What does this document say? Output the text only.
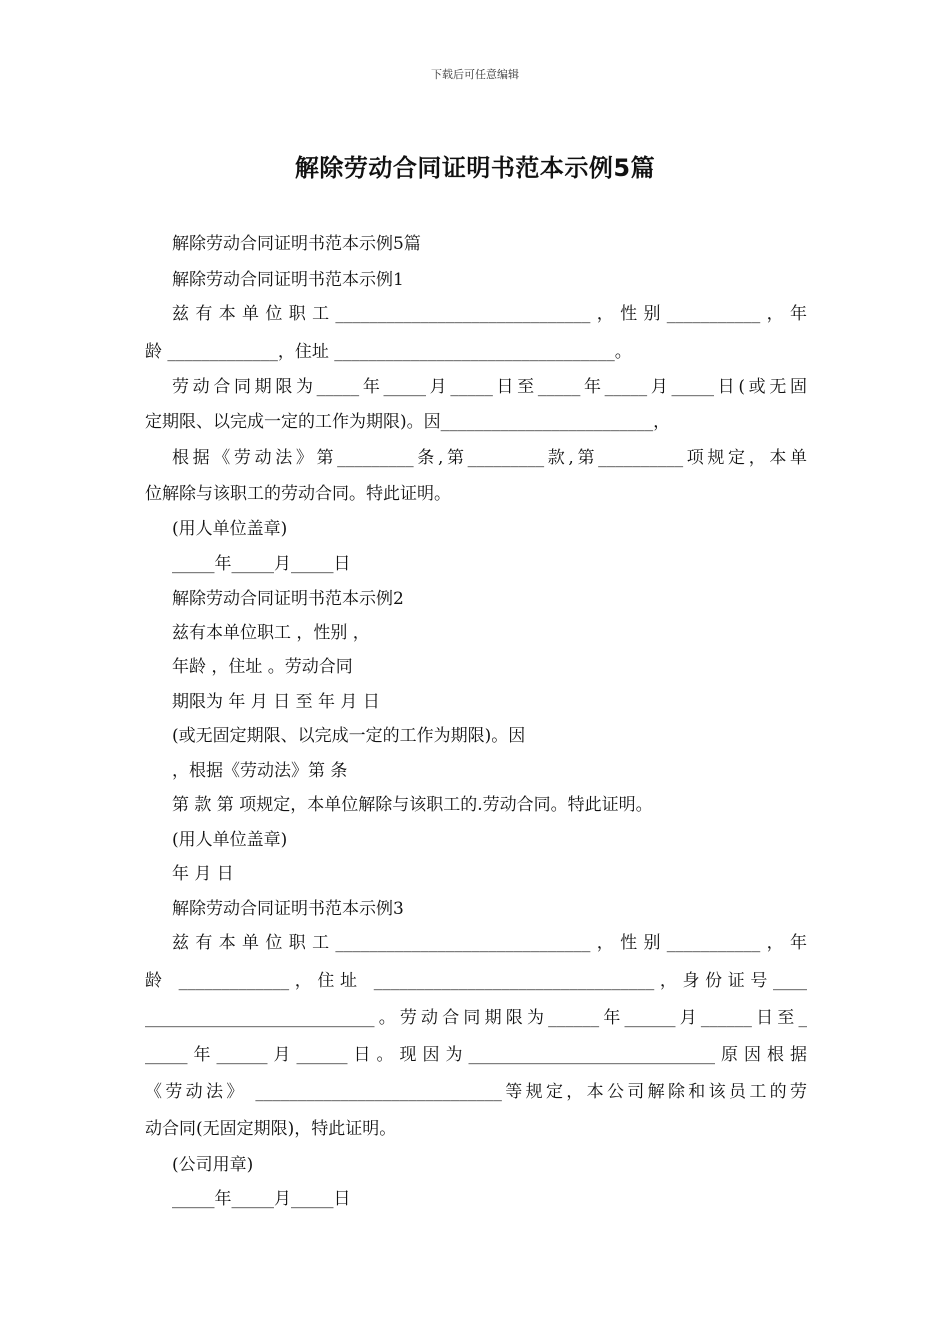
下载后可任意编辑
解除劳动合同证明书范本示例5篇
解除劳动合同证明书范本示例5篇
解除劳动合同证明书范本示例1
兹有本单位职工______________________________，性别___________，年
龄 _____________，住址 _________________________________。
劳动合同期限为_____年_____月_____日至_____年_____月_____日(或无固
定期限、以完成一定的工作为期限)。因_________________________，
根据《劳动法》第_________条,第_________款,第__________项规定，本单
位解除与该职工的劳动合同。特此证明。
(用人单位盖章)
_____年_____月_____日
解除劳动合同证明书范本示例2
兹有本单位职工 ，性别 ，
年龄 ，住址 。劳动合同
期限为 年 月 日 至 年 月 日
(或无固定期限、以完成一定的工作为期限)。因
，根据《劳动法》第 条
第 款 第 项规定，本单位解除与该职工的.劳动合同。特此证明。
(用人单位盖章)
年 月 日
解除劳动合同证明书范本示例3
兹有本单位职工______________________________，性别___________，年
龄 _____________，住址 _________________________________，身份证号____
___________________________。劳动合同期限为______年______月______日至_
_____年______月______日。现因为_____________________________原因根据
《劳动法》 _____________________________等规定，本公司解除和该员工的劳
动合同(无固定期限)，特此证明。
(公司用章)
_____年_____月_____日
